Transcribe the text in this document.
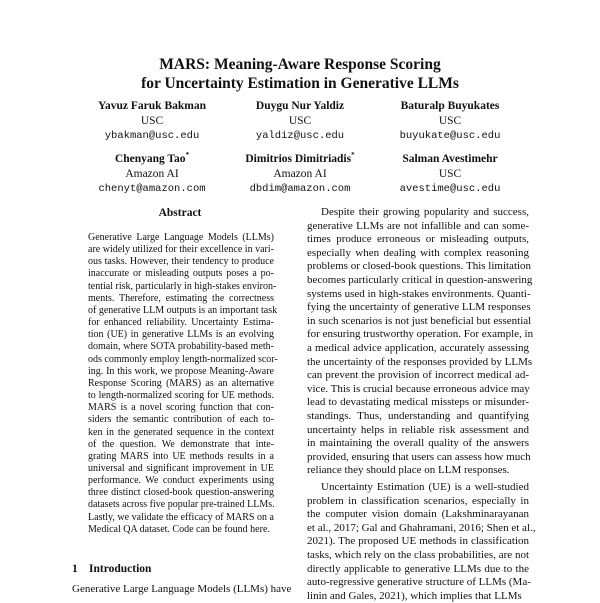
MARS: Meaning-Aware Response Scoring
for Uncertainty Estimation in Generative LLMs
Yavuz Faruk Bakman
USC
ybakman@usc.edu
Duygu Nur Yaldiz
USC
yaldiz@usc.edu
Baturalp Buyukates
USC
buyukate@usc.edu
Chenyang Tao*
Amazon AI
chenyt@amazon.com
Dimitrios Dimitriadis*
Amazon AI
dbdim@amazon.com
Salman Avestimehr
USC
avestime@usc.edu
Abstract
Generative Large Language Models (LLMs)
are widely utilized for their excellence in vari-
ous tasks. However, their tendency to produce
inaccurate or misleading outputs poses a po-
tential risk, particularly in high-stakes environ-
ments. Therefore, estimating the correctness
of generative LLM outputs is an important task
for enhanced reliability. Uncertainty Estima-
tion (UE) in generative LLMs is an evolving
domain, where SOTA probability-based meth-
ods commonly employ length-normalized scor-
ing. In this work, we propose Meaning-Aware
Response Scoring (MARS) as an alternative
to length-normalized scoring for UE methods.
MARS is a novel scoring function that con-
siders the semantic contribution of each to-
ken in the generated sequence in the context
of the question. We demonstrate that inte-
grating MARS into UE methods results in a
universal and significant improvement in UE
performance. We conduct experiments using
three distinct closed-book question-answering
datasets across five popular pre-trained LLMs.
Lastly, we validate the efficacy of MARS on a
Medical QA dataset. Code can be found here.
1 Introduction
Generative Large Language Models (LLMs) have
Despite their growing popularity and success,
generative LLMs are not infallible and can some-
times produce erroneous or misleading outputs,
especially when dealing with complex reasoning
problems or closed-book questions. This limitation
becomes particularly critical in question-answering
systems used in high-stakes environments. Quanti-
fying the uncertainty of generative LLM responses
in such scenarios is not just beneficial but essential
for ensuring trustworthy operation. For example, in
a medical advice application, accurately assessing
the uncertainty of the responses provided by LLMs
can prevent the provision of incorrect medical ad-
vice. This is crucial because erroneous advice may
lead to devastating medical missteps or misunder-
standings. Thus, understanding and quantifying
uncertainty helps in reliable risk assessment and
in maintaining the overall quality of the answers
provided, ensuring that users can assess how much
reliance they should place on LLM responses.
Uncertainty Estimation (UE) is a well-studied
problem in classification scenarios, especially in
the computer vision domain (Lakshminarayanan
et al., 2017; Gal and Ghahramani, 2016; Shen et al.,
2021). The proposed UE methods in classification
tasks, which rely on the class probabilities, are not
directly applicable to generative LLMs due to the
auto-regressive generative structure of LLMs (Ma-
linin and Gales, 2021), which implies that LLMs
